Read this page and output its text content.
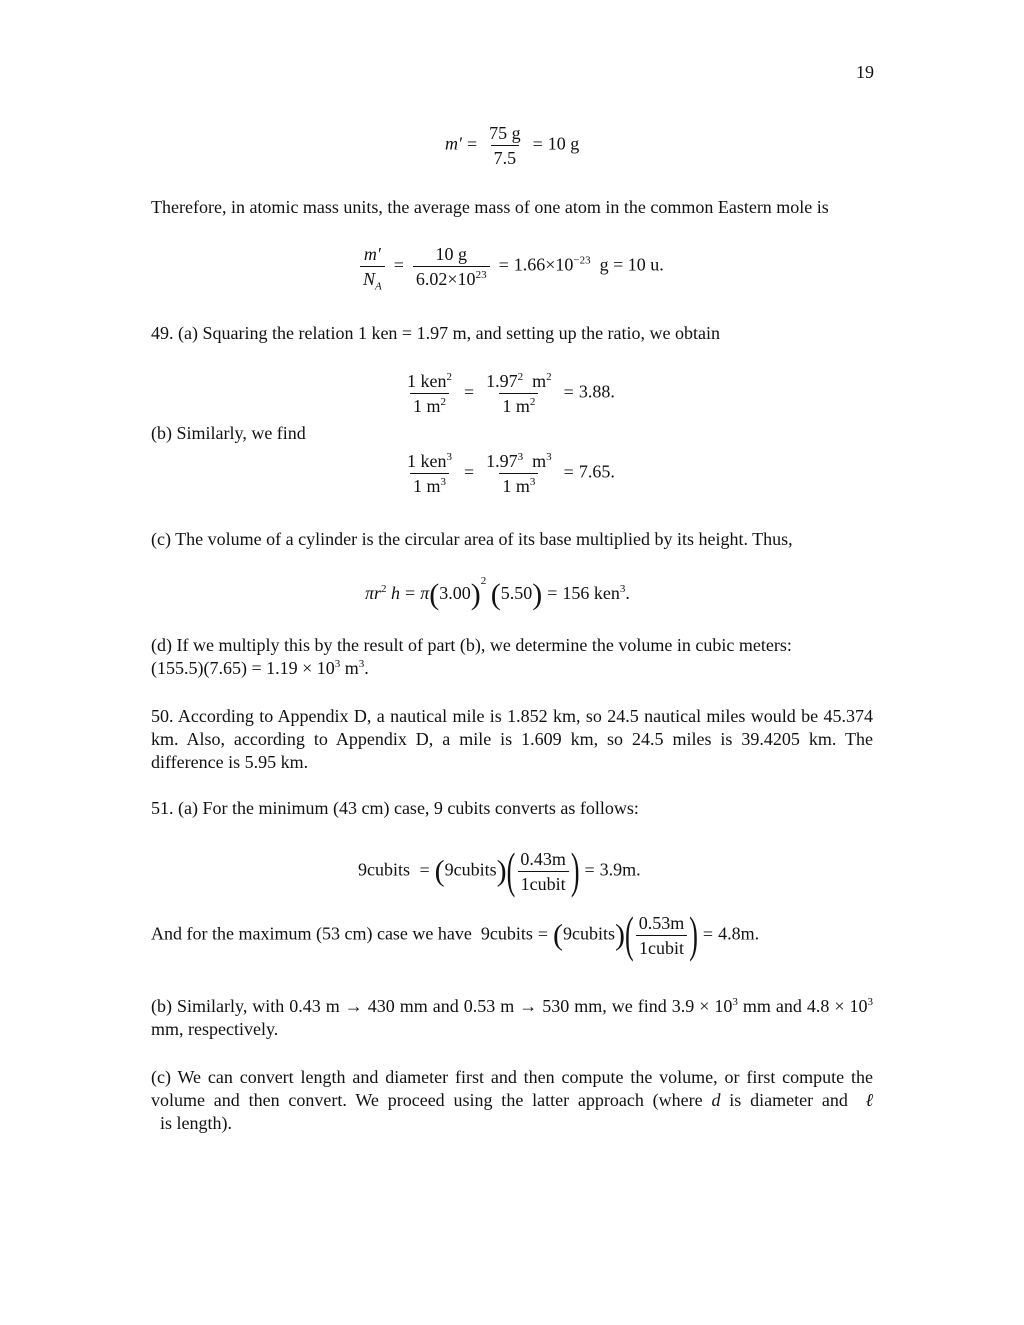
19
$m' = \frac{75 g}{7.5} = 10$ g

Therefore, in atomic mass units, the average mass of one atom in the common Eastern mole is

$\frac{m'}{N_A} = \frac{10 g}{6.02\times 10^{23}} = 1.66\times 10^{-23}$ g = 10 u.

49. (a) Squaring the relation 1 ken = 1.97 m, and setting up the ratio, we obtain

$\frac{1 ken^2}{1 m^2} = \frac{1.97^2 m^2}{1 m^2} = 3.88$.

(b) Similarly, we find

$\frac{1 ken^3}{1 m^3} = \frac{1.97^3 m^3}{1 m^3} = 7.65$.

(c) The volume of a cylinder is the circular area of its base multiplied by its height. Thus,

$\pi r^2$ $h = \pi(3.00)^2$ (5.50) = 156 ken$^3$.
(d) If we multiply this by the result of part (b), we determine the volume in cubic meters:
$(155.5)(7.65) = 1.19 \times 10^3$ $m^3$.

50. According to Appendix D, a nautical mile is 1.852 km, so 24.5 nautical miles would be 45.374 km. Also, according to Appendix D, a mile is 1.609 km, so 24.5 miles is 39.4205 km. The difference is 5.95 km.

51. (a) For the minimum (43 cm) case, 9 cubits converts as follows:

9cubits = (9cubits)( $\frac{0.43m}{\text{1cubit}}$ ) = 3.9m.
And for the maximum (53 cm) case we have 9cubits = (9cubits)( $\frac{0.53m}{\text{1cubit}}$ ) = 4.8m.
(b) Similarly, with 0.43 m → 430 mm and 0.53 m → 530 mm, we find $3.9 \times 10^3$ mm and $4.8 \times 10^3$ mm, respectively.
(c) We can convert length and diameter first and then compute the volume, or first compute the volume and then convert. We proceed using the latter approach (where d is diameter and  ℓ  is length).
